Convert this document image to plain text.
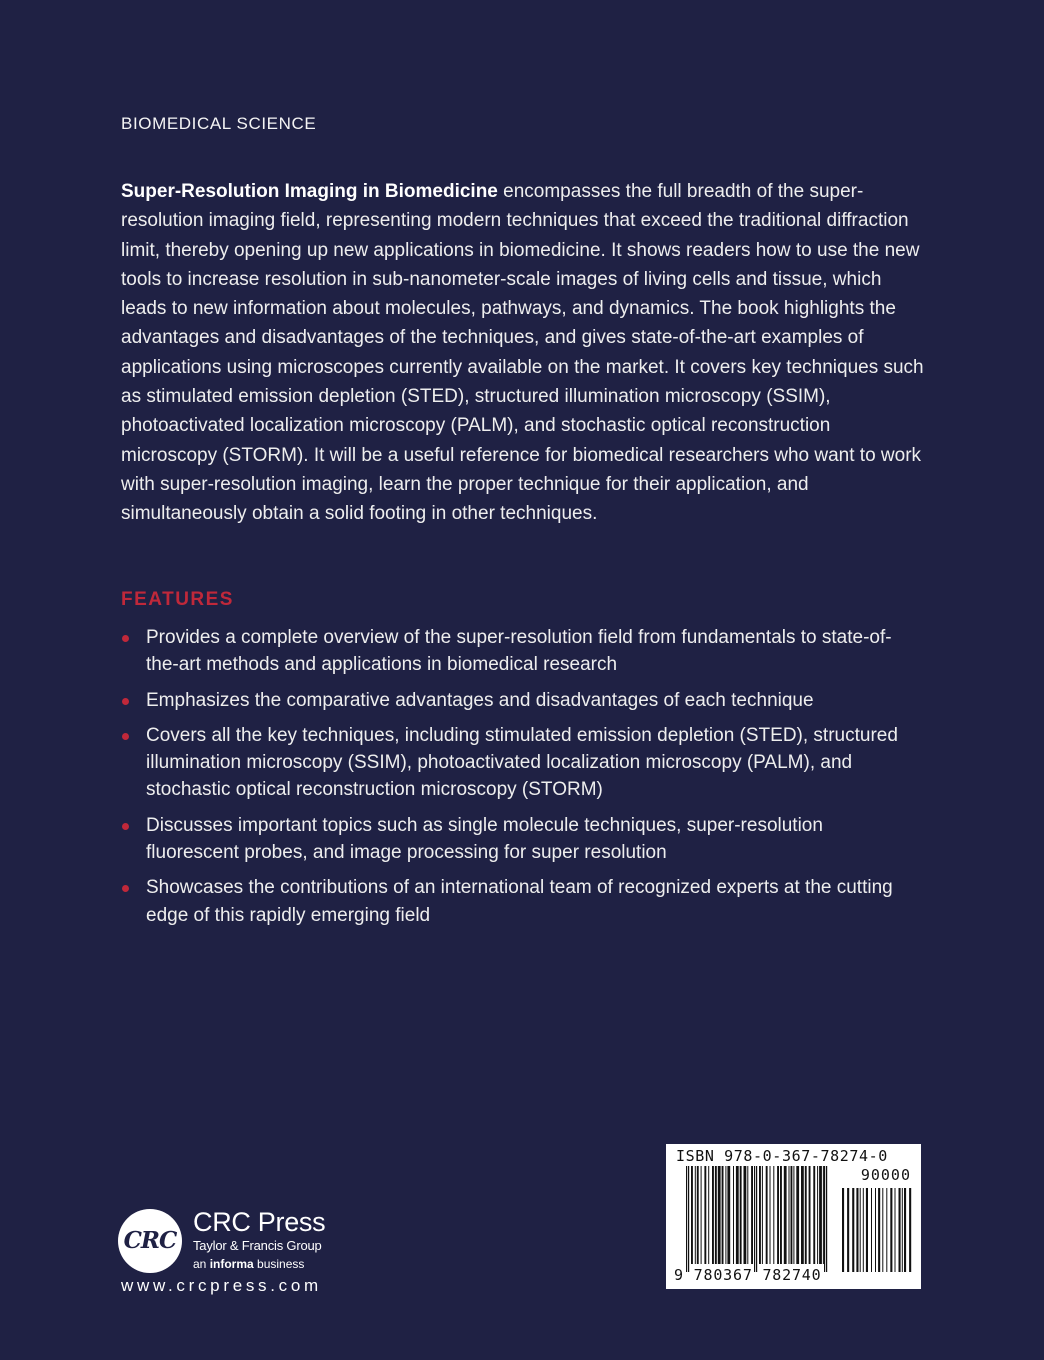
BIOMEDICAL SCIENCE
Super-Resolution Imaging in Biomedicine encompasses the full breadth of the super-resolution imaging field, representing modern techniques that exceed the traditional diffraction limit, thereby opening up new applications in biomedicine. It shows readers how to use the new tools to increase resolution in sub-nanometer-scale images of living cells and tissue, which leads to new information about molecules, pathways, and dynamics. The book highlights the advantages and disadvantages of the techniques, and gives state-of-the-art examples of applications using microscopes currently available on the market. It covers key techniques such as stimulated emission depletion (STED), structured illumination microscopy (SSIM), photoactivated localization microscopy (PALM), and stochastic optical reconstruction microscopy (STORM). It will be a useful reference for biomedical researchers who want to work with super-resolution imaging, learn the proper technique for their application, and simultaneously obtain a solid footing in other techniques.
FEATURES
Provides a complete overview of the super-resolution field from fundamentals to state-of-the-art methods and applications in biomedical research
Emphasizes the comparative advantages and disadvantages of each technique
Covers all the key techniques, including stimulated emission depletion (STED), structured illumination microscopy (SSIM), photoactivated localization microscopy (PALM), and stochastic optical reconstruction microscopy (STORM)
Discusses important topics such as single molecule techniques, super-resolution fluorescent probes, and image processing for super resolution
Showcases the contributions of an international team of recognized experts at the cutting edge of this rapidly emerging field
CRC
CRC Press
Taylor & Francis Group
an informa business
www.crcpress.com
ISBN 978-0-367-78274-0
90000
9 780367 782740
